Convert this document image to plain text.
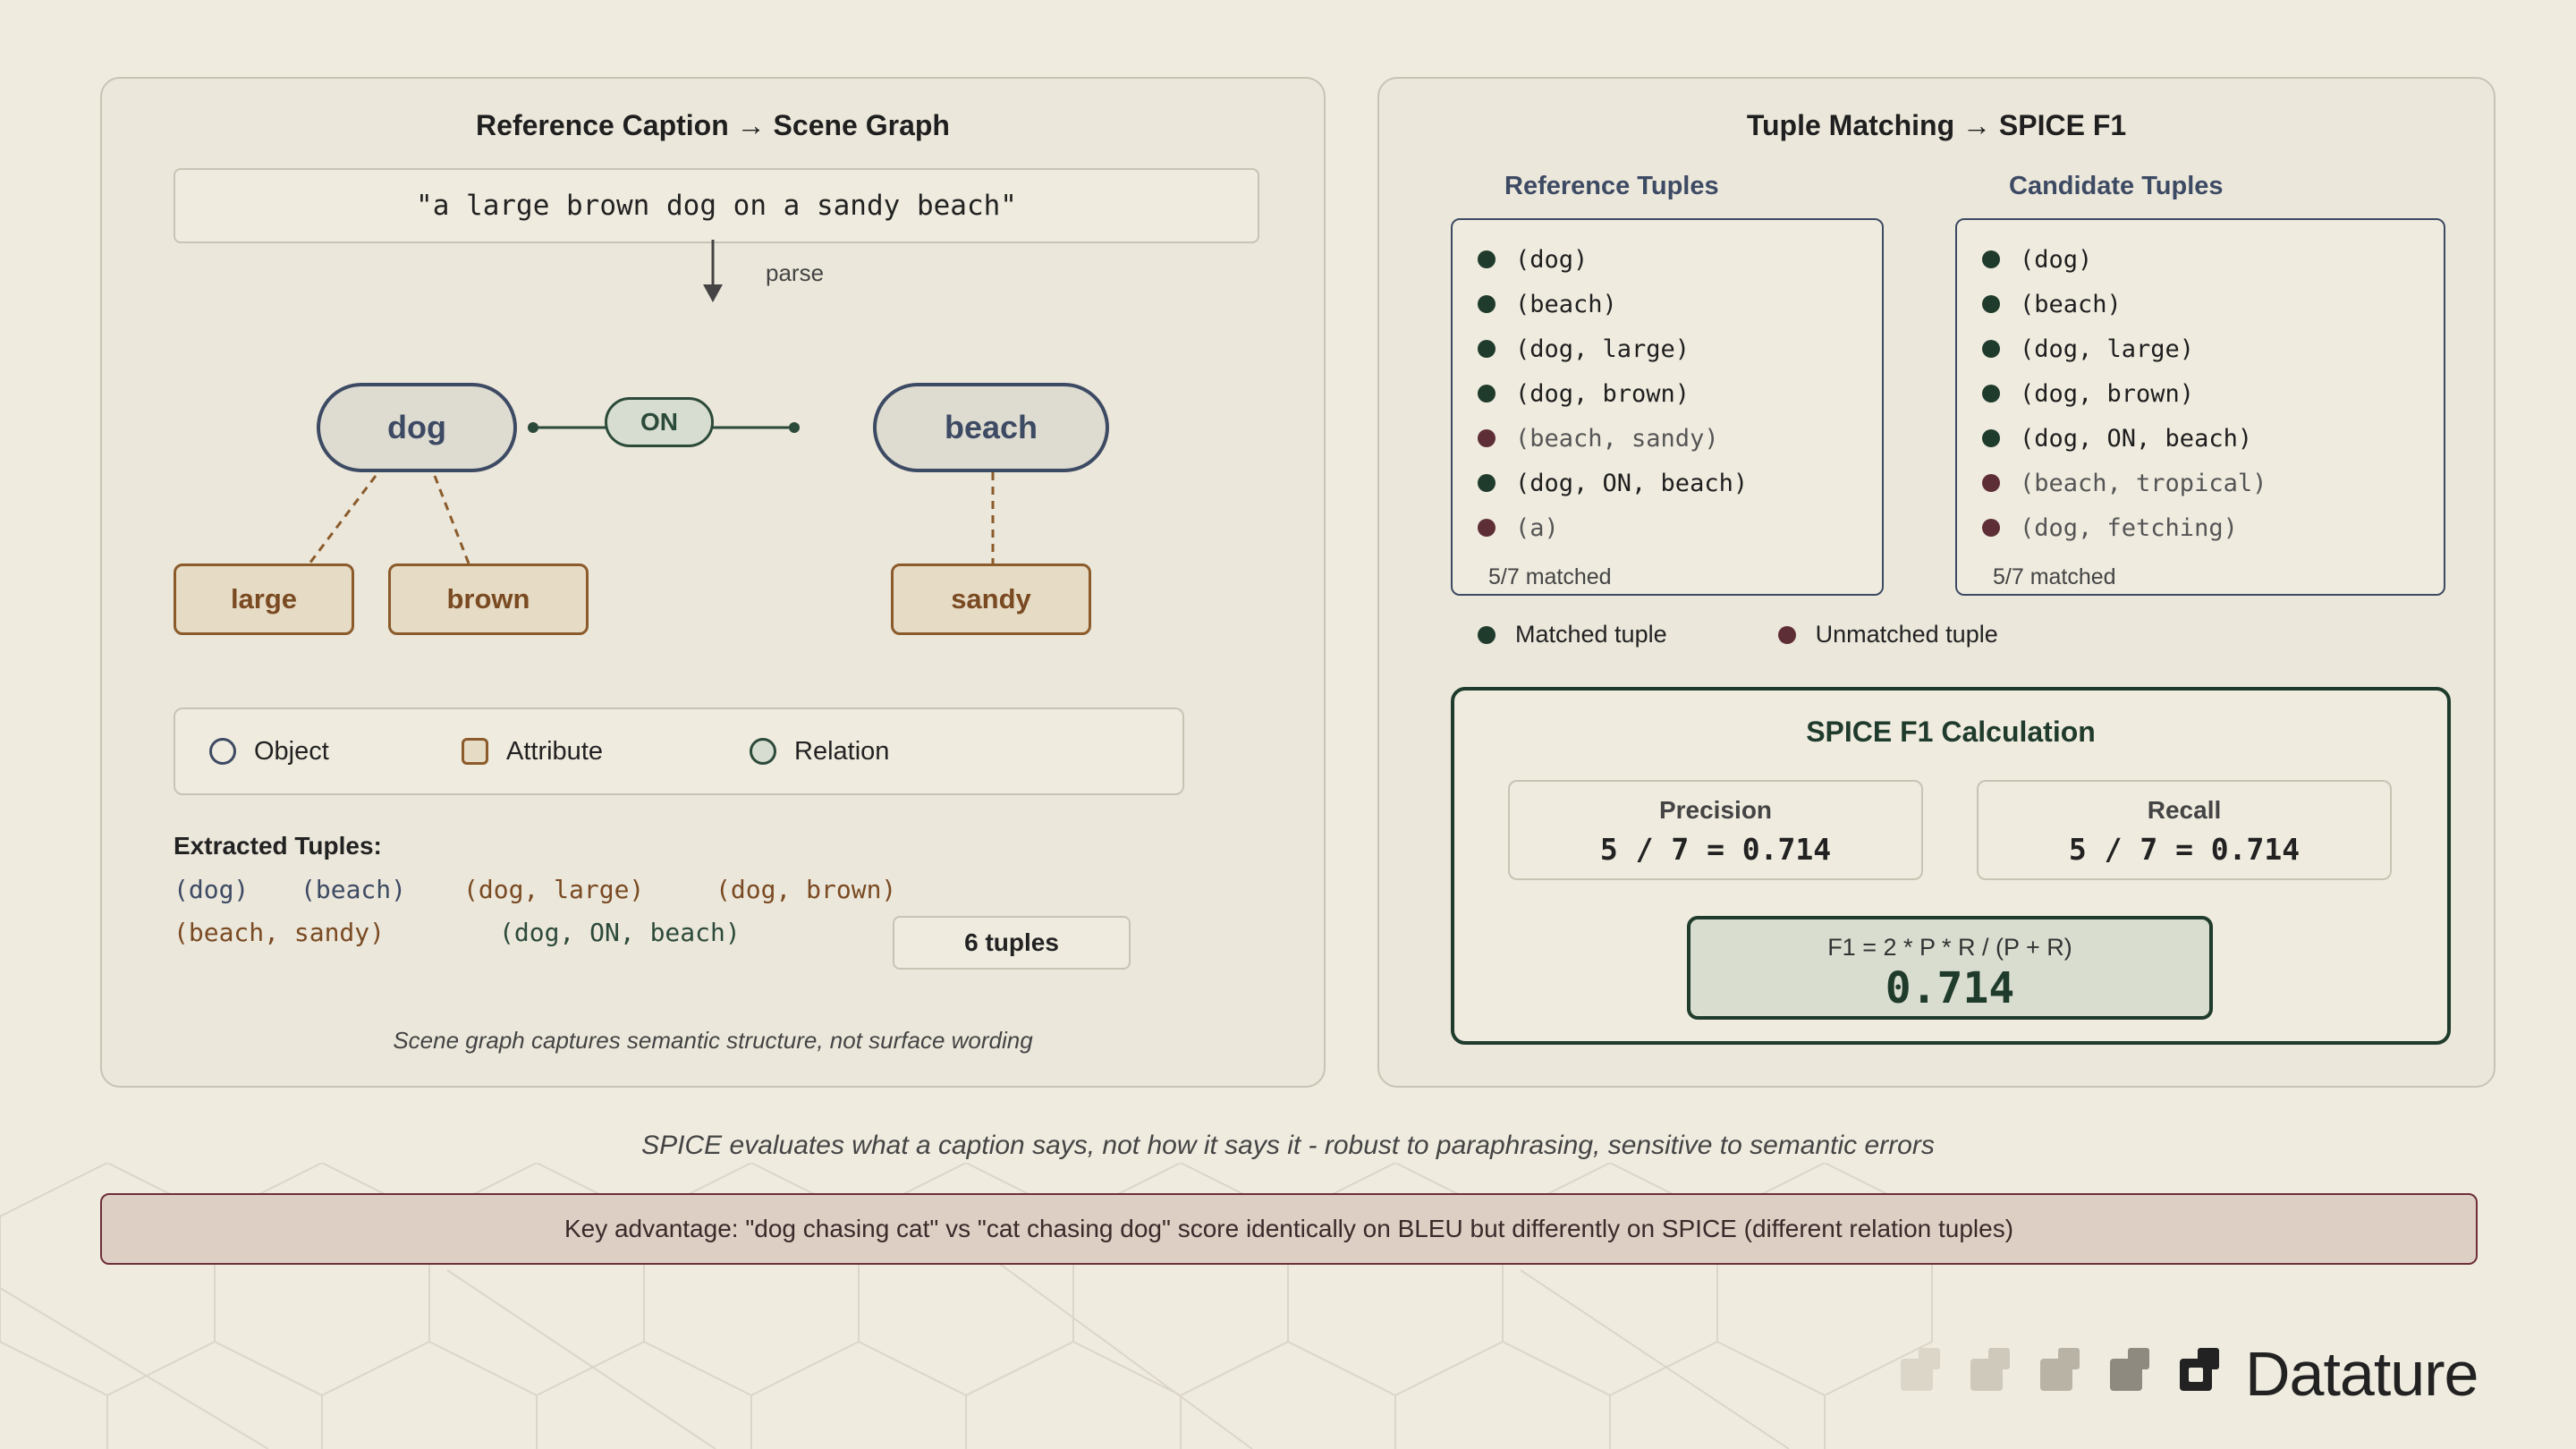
Reference Caption → Scene Graph
"a large brown dog on a sandy beach"
parse
dog	beach
ON
large	brown	sandy
Object	Attribute	Relation
Extracted Tuples:
(dog) (beach) (dog, large)	(dog, brown)
(beach, sandy)	(dog, ON, beach)	6 tuples
Scene graph captures semantic structure, not surface wording
Tuple Matching → SPICE F1
Reference Tuples	Candidate Tuples
(dog)
(beach)
(dog, large)
(dog, brown)
(beach, sandy)
(dog, ON, beach)
(a)
5/7 matched
(dog)
(beach)
(dog, large)
(dog, brown)
(dog, ON, beach)
(beach, tropical)
(dog, fetching)
5/7 matched
Matched tuple	Unmatched tuple
SPICE F1 Calculation
Precision
5 / 7 = 0.714
Recall
5 / 7 = 0.714
F1 = 2 * P * R / (P + R)
0.714
SPICE evaluates what a caption says, not how it says it - robust to paraphrasing, sensitive to semantic errors
Key advantage: "dog chasing cat" vs "cat chasing dog" score identically on BLEU but differently on SPICE (different relation tuples)
Datature
